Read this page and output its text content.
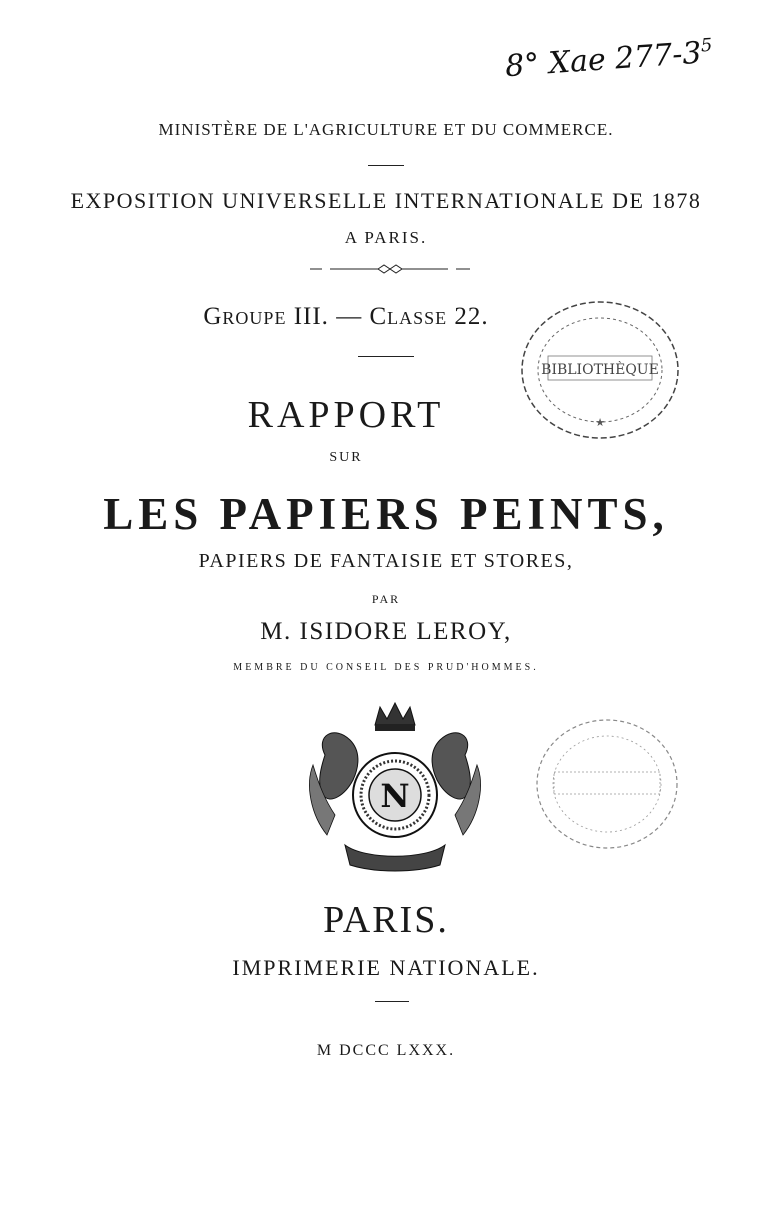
8° Xae $277-3^5$

MINISTÈRE DE L'AGRICULTURE ET DU COMMERCE.

EXPOSITION UNIVERSELLE INTERNATIONALE DE 1878

A PARIS.

Groupe III. — Classe 22.

RAPPORT

SUR

LES PAPIERS PEINTS,

PAPIERS DE FANTAISIE ET STORES,

PAR

M. ISIDORE LEROY,

MEMBRE DU CONSEIL DES PRUD'HOMMES.

BIBLIOTHÈQUE
★
N

PARIS.

IMPRIMERIE NATIONALE.

M DCCC LXXX.
